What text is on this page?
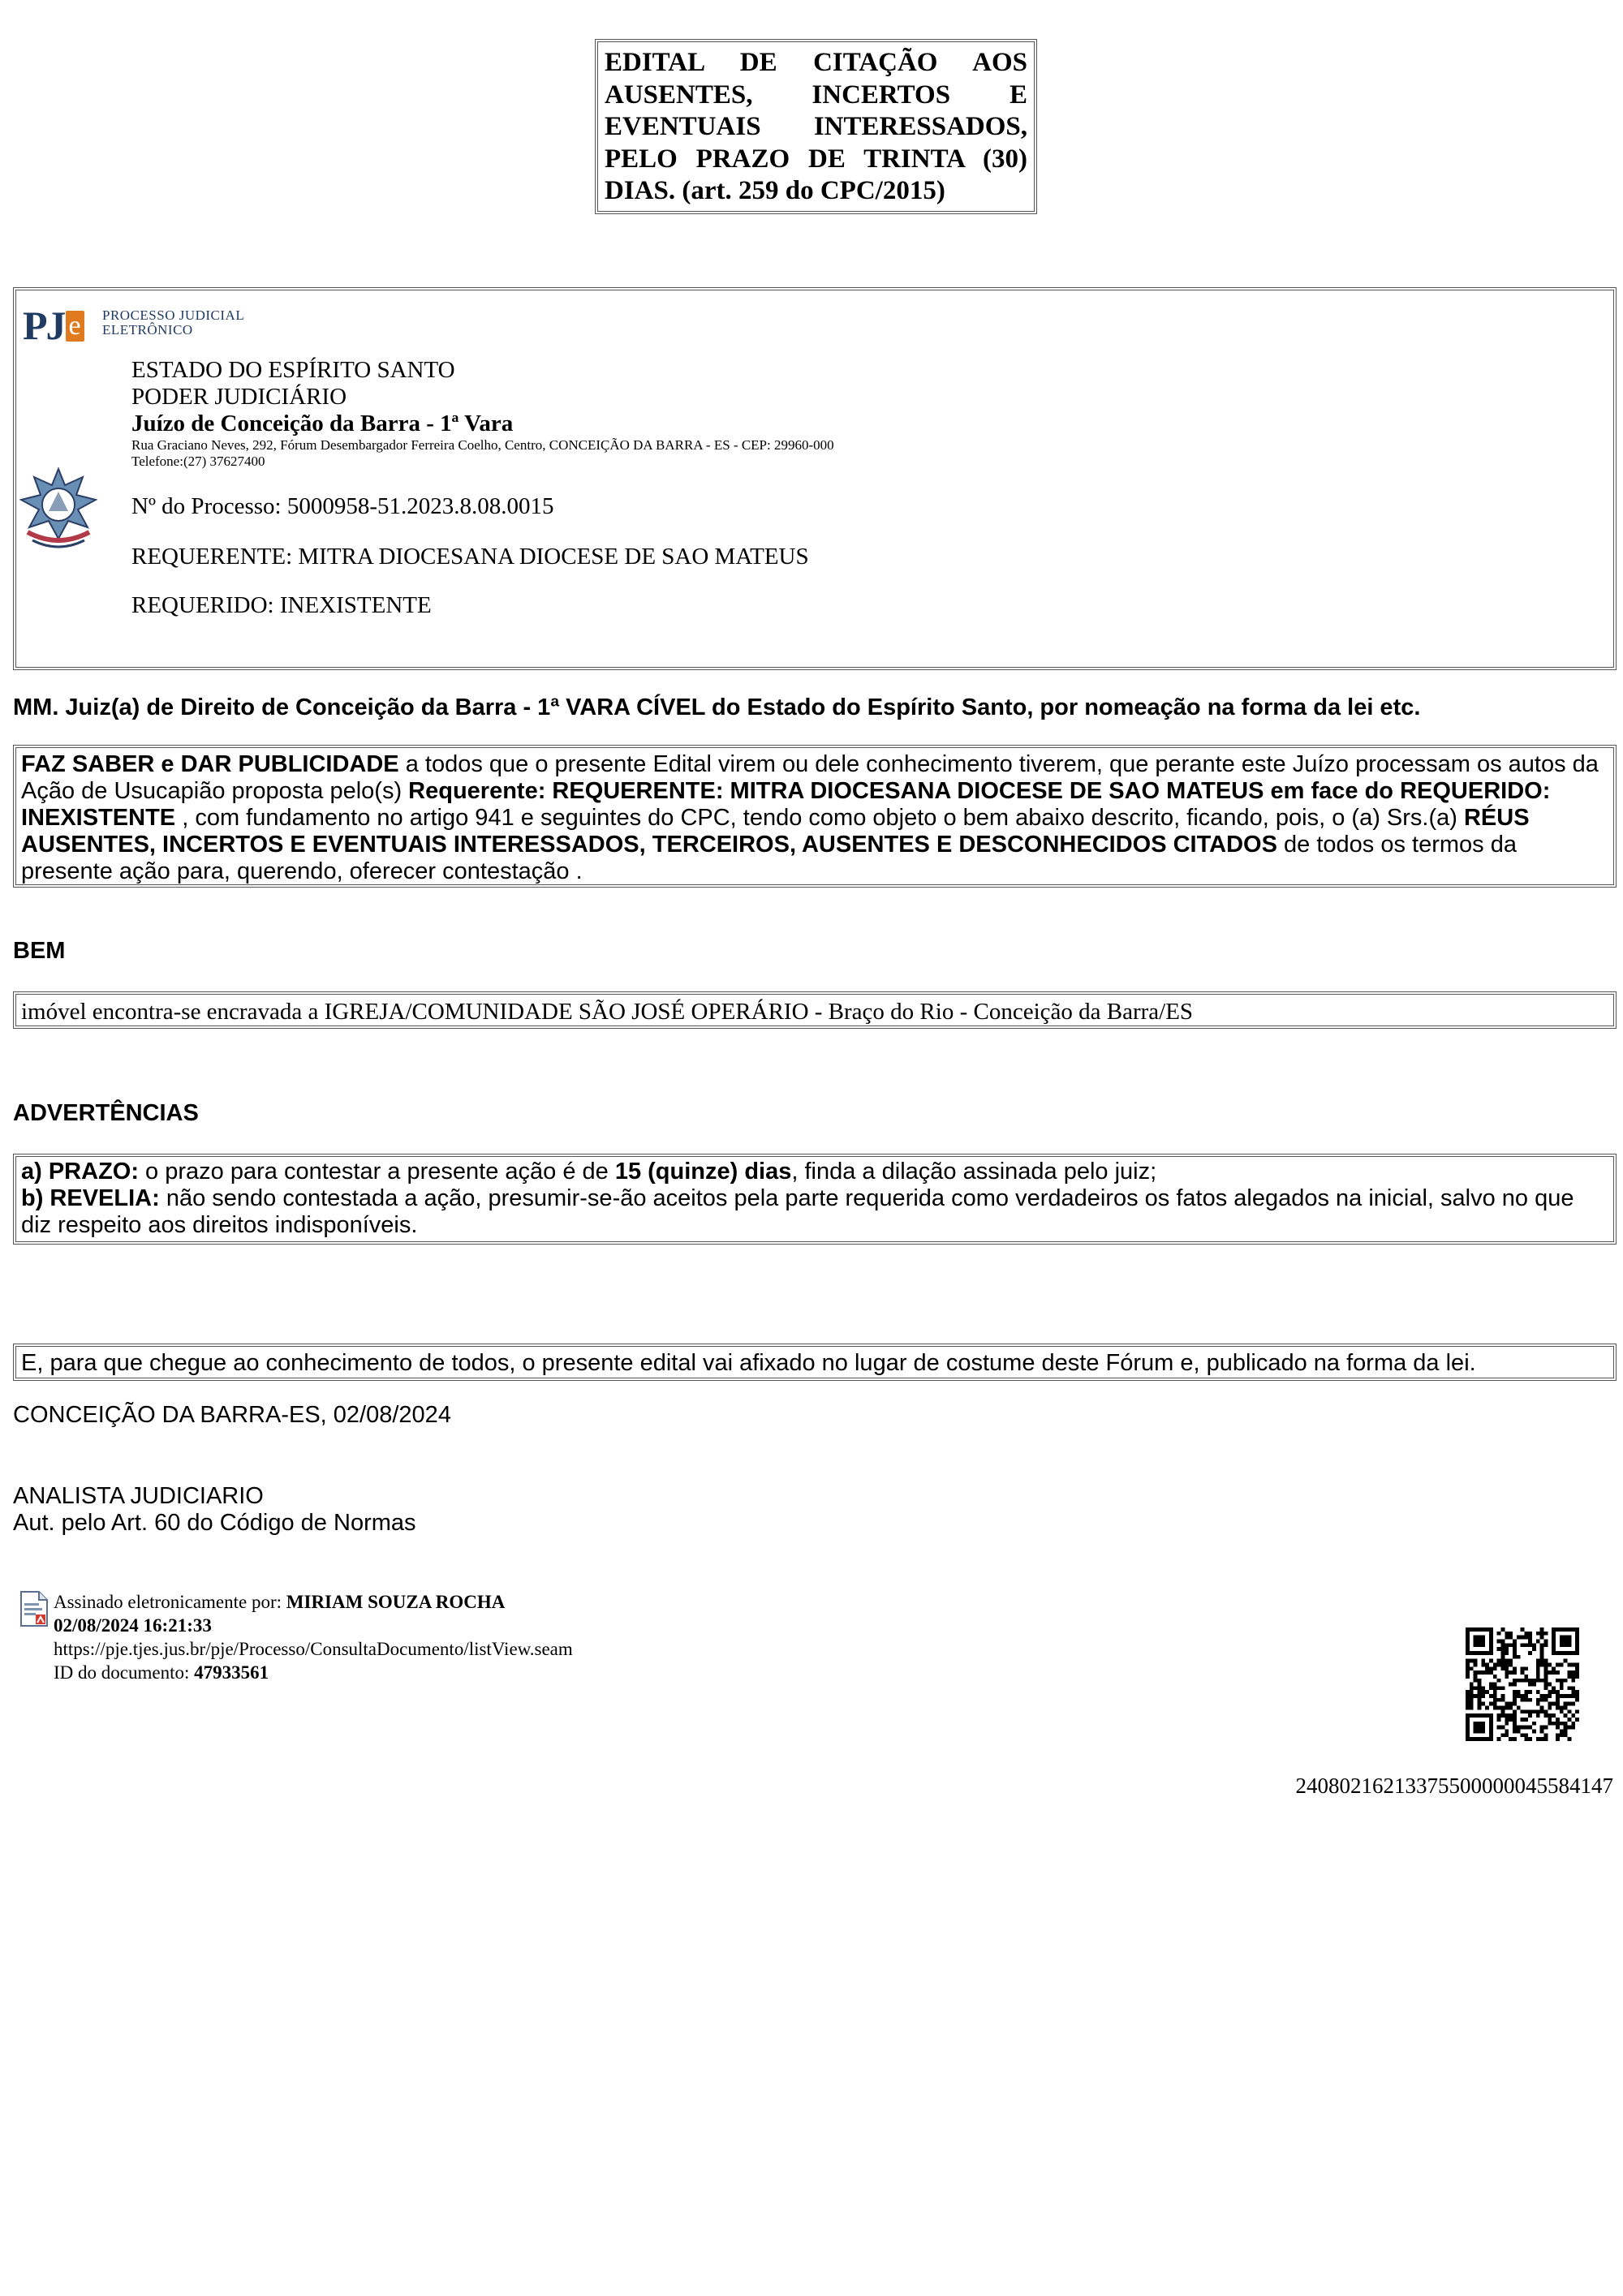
EDITAL DE CITAÇÃO AOS AUSENTES, INCERTOS E EVENTUAIS INTERESSADOS, PELO PRAZO DE TRINTA (30) DIAS. (art. 259 do CPC/2015)
PJ e PROCESSO JUDICIAL
ELETRÔNICO
ESTADO DO ESPÍRITO SANTO
PODER JUDICIÁRIO
Juízo de Conceição da Barra - 1ª Vara
Rua Graciano Neves, 292, Fórum Desembargador Ferreira Coelho, Centro, CONCEIÇÃO DA BARRA - ES - CEP: 29960-000
Telefone:(27) 37627400
Nº do Processo: 5000958-51.2023.8.08.0015
REQUERENTE: MITRA DIOCESANA DIOCESE DE SAO MATEUS
REQUERIDO: INEXISTENTE
MM. Juiz(a) de Direito de Conceição da Barra - 1ª VARA CÍVEL do Estado do Espírito Santo, por nomeação na forma da lei etc.
FAZ SABER e DAR PUBLICIDADE a todos que o presente Edital virem ou dele conhecimento tiverem, que perante este Juízo processam os autos da Ação de Usucapião proposta pelo(s) Requerente: REQUERENTE: MITRA DIOCESANA DIOCESE DE SAO MATEUS em face do REQUERIDO: INEXISTENTE , com fundamento no artigo 941 e seguintes do CPC, tendo como objeto o bem abaixo descrito, ficando, pois, o (a) Srs.(a) RÉUS AUSENTES, INCERTOS E EVENTUAIS INTERESSADOS, TERCEIROS, AUSENTES E DESCONHECIDOS CITADOS de todos os termos da presente ação para, querendo, oferecer contestação .
BEM
imóvel encontra-se encravada a IGREJA/COMUNIDADE SÃO JOSÉ OPERÁRIO - Braço do Rio - Conceição da Barra/ES
ADVERTÊNCIAS
a) PRAZO: o prazo para contestar a presente ação é de 15 (quinze) dias, finda a dilação assinada pelo juiz;
b) REVELIA: não sendo contestada a ação, presumir-se-ão aceitos pela parte requerida como verdadeiros os fatos alegados na inicial, salvo no que diz respeito aos direitos indisponíveis.
E, para que chegue ao conhecimento de todos, o presente edital vai afixado no lugar de costume deste Fórum e, publicado na forma da lei.
CONCEIÇÃO DA BARRA-ES, 02/08/2024
ANALISTA JUDICIARIO
Aut. pelo Art. 60 do Código de Normas
Assinado eletronicamente por: MIRIAM SOUZA ROCHA
02/08/2024 16:21:33
https://pje.tjes.jus.br/pje/Processo/ConsultaDocumento/listView.seam
ID do documento: 47933561
24080216213375500000045584147
